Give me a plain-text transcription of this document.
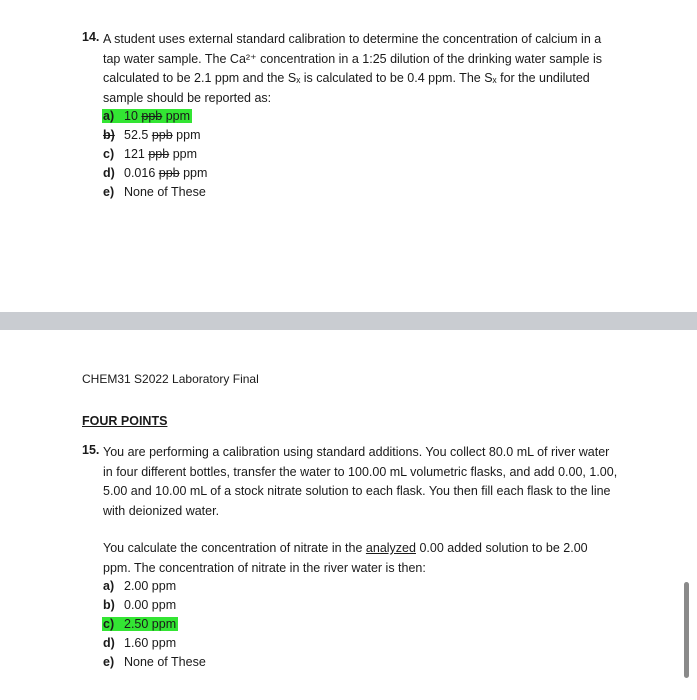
14. A student uses external standard calibration to determine the concentration of calcium in a tap water sample. The Ca²⁺ concentration in a 1:25 dilution of the drinking water sample is calculated to be 2.1 ppm and the Sₓ is calculated to be 0.4 ppm. The Sₓ for the undiluted sample should be reported as:
a) 10 ppb ppm
b) 52.5 ppb ppm
c) 121 ppb ppm
d) 0.016 ppb ppm
e) None of These
CHEM31 S2022 Laboratory Final
FOUR POINTS
15. You are performing a calibration using standard additions. You collect 80.0 mL of river water in four different bottles, transfer the water to 100.00 mL volumetric flasks, and add 0.00, 1.00, 5.00 and 10.00 mL of a stock nitrate solution to each flask. You then fill each flask to the line with deionized water.
You calculate the concentration of nitrate in the analyzed 0.00 added solution to be 2.00 ppm. The concentration of nitrate in the river water is then:
a) 2.00 ppm
b) 0.00 ppm
c) 2.50 ppm
d) 1.60 ppm
e) None of These
